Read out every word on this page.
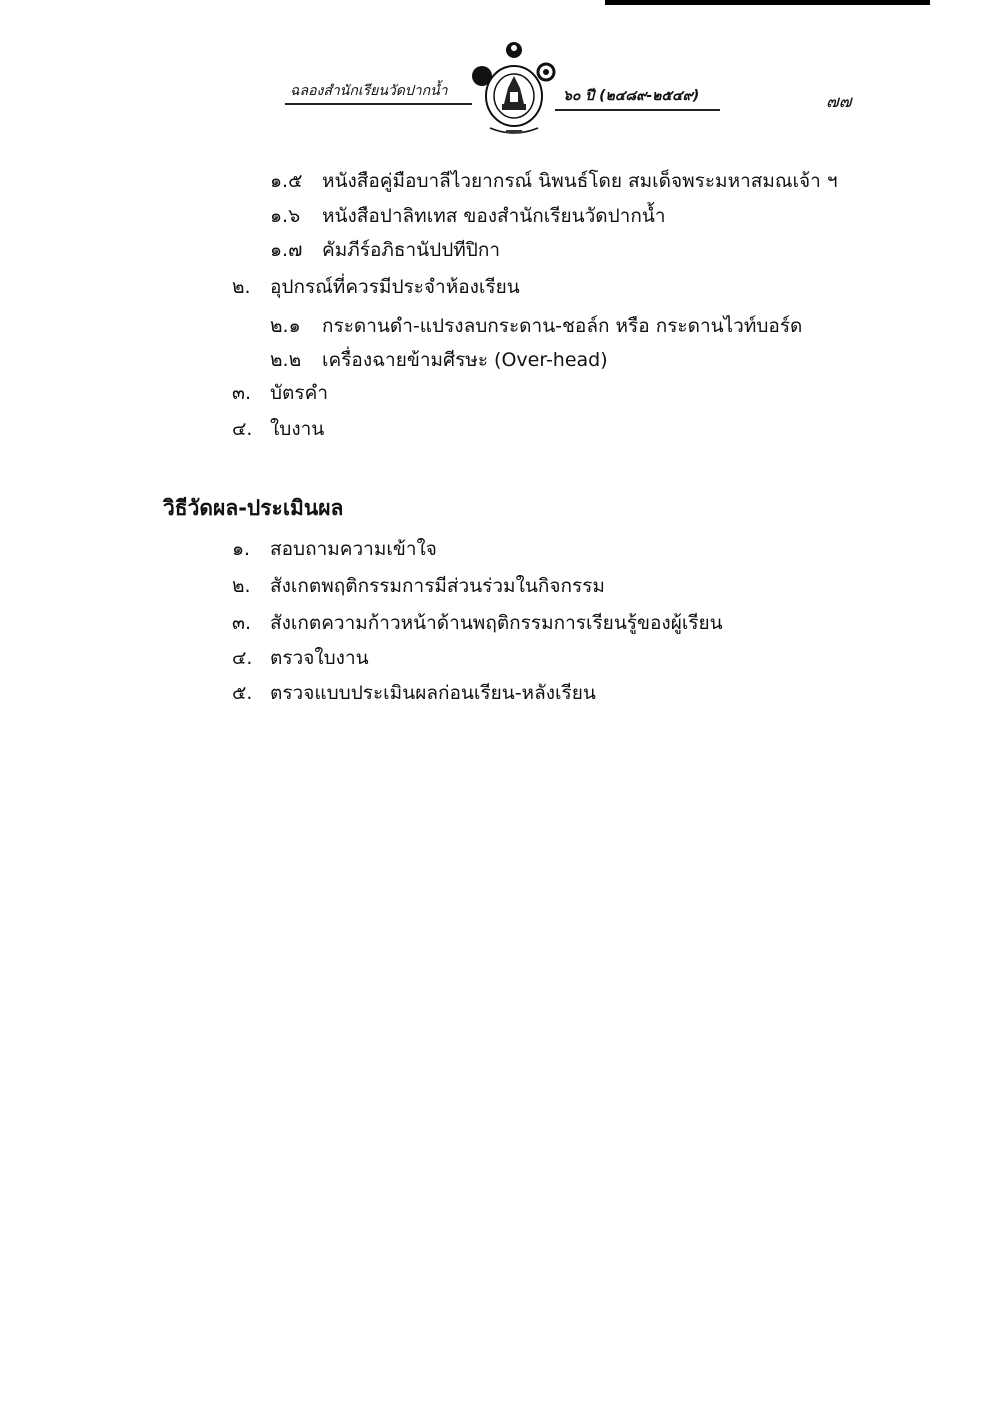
ฉลองสำนักเรียนวัดปากน้ำ	๖๐ ปี (๒๔๘๙-๒๕๔๙)	๗๗
๑.๕ หนังสือคู่มือบาลีไวยากรณ์ นิพนธ์โดย สมเด็จพระมหาสมณเจ้า ฯ
๑.๖ หนังสือปาลิทเทส ของสำนักเรียนวัดปากน้ำ
๑.๗ คัมภีร์อภิธานัปปทีปิกา
๒. อุปกรณ์ที่ควรมีประจำห้องเรียน
๒.๑ กระดานดำ-แปรงลบกระดาน-ชอล์ก หรือ กระดานไวท์บอร์ด
๒.๒ เครื่องฉายข้ามศีรษะ (Over-head)
๓. บัตรคำ
๔. ใบงาน
วิธีวัดผล-ประเมินผล
๑. สอบถามความเข้าใจ
๒. สังเกตพฤติกรรมการมีส่วนร่วมในกิจกรรม
๓. สังเกตความก้าวหน้าด้านพฤติกรรมการเรียนรู้ของผู้เรียน
๔. ตรวจใบงาน
๕. ตรวจแบบประเมินผลก่อนเรียน-หลังเรียน
